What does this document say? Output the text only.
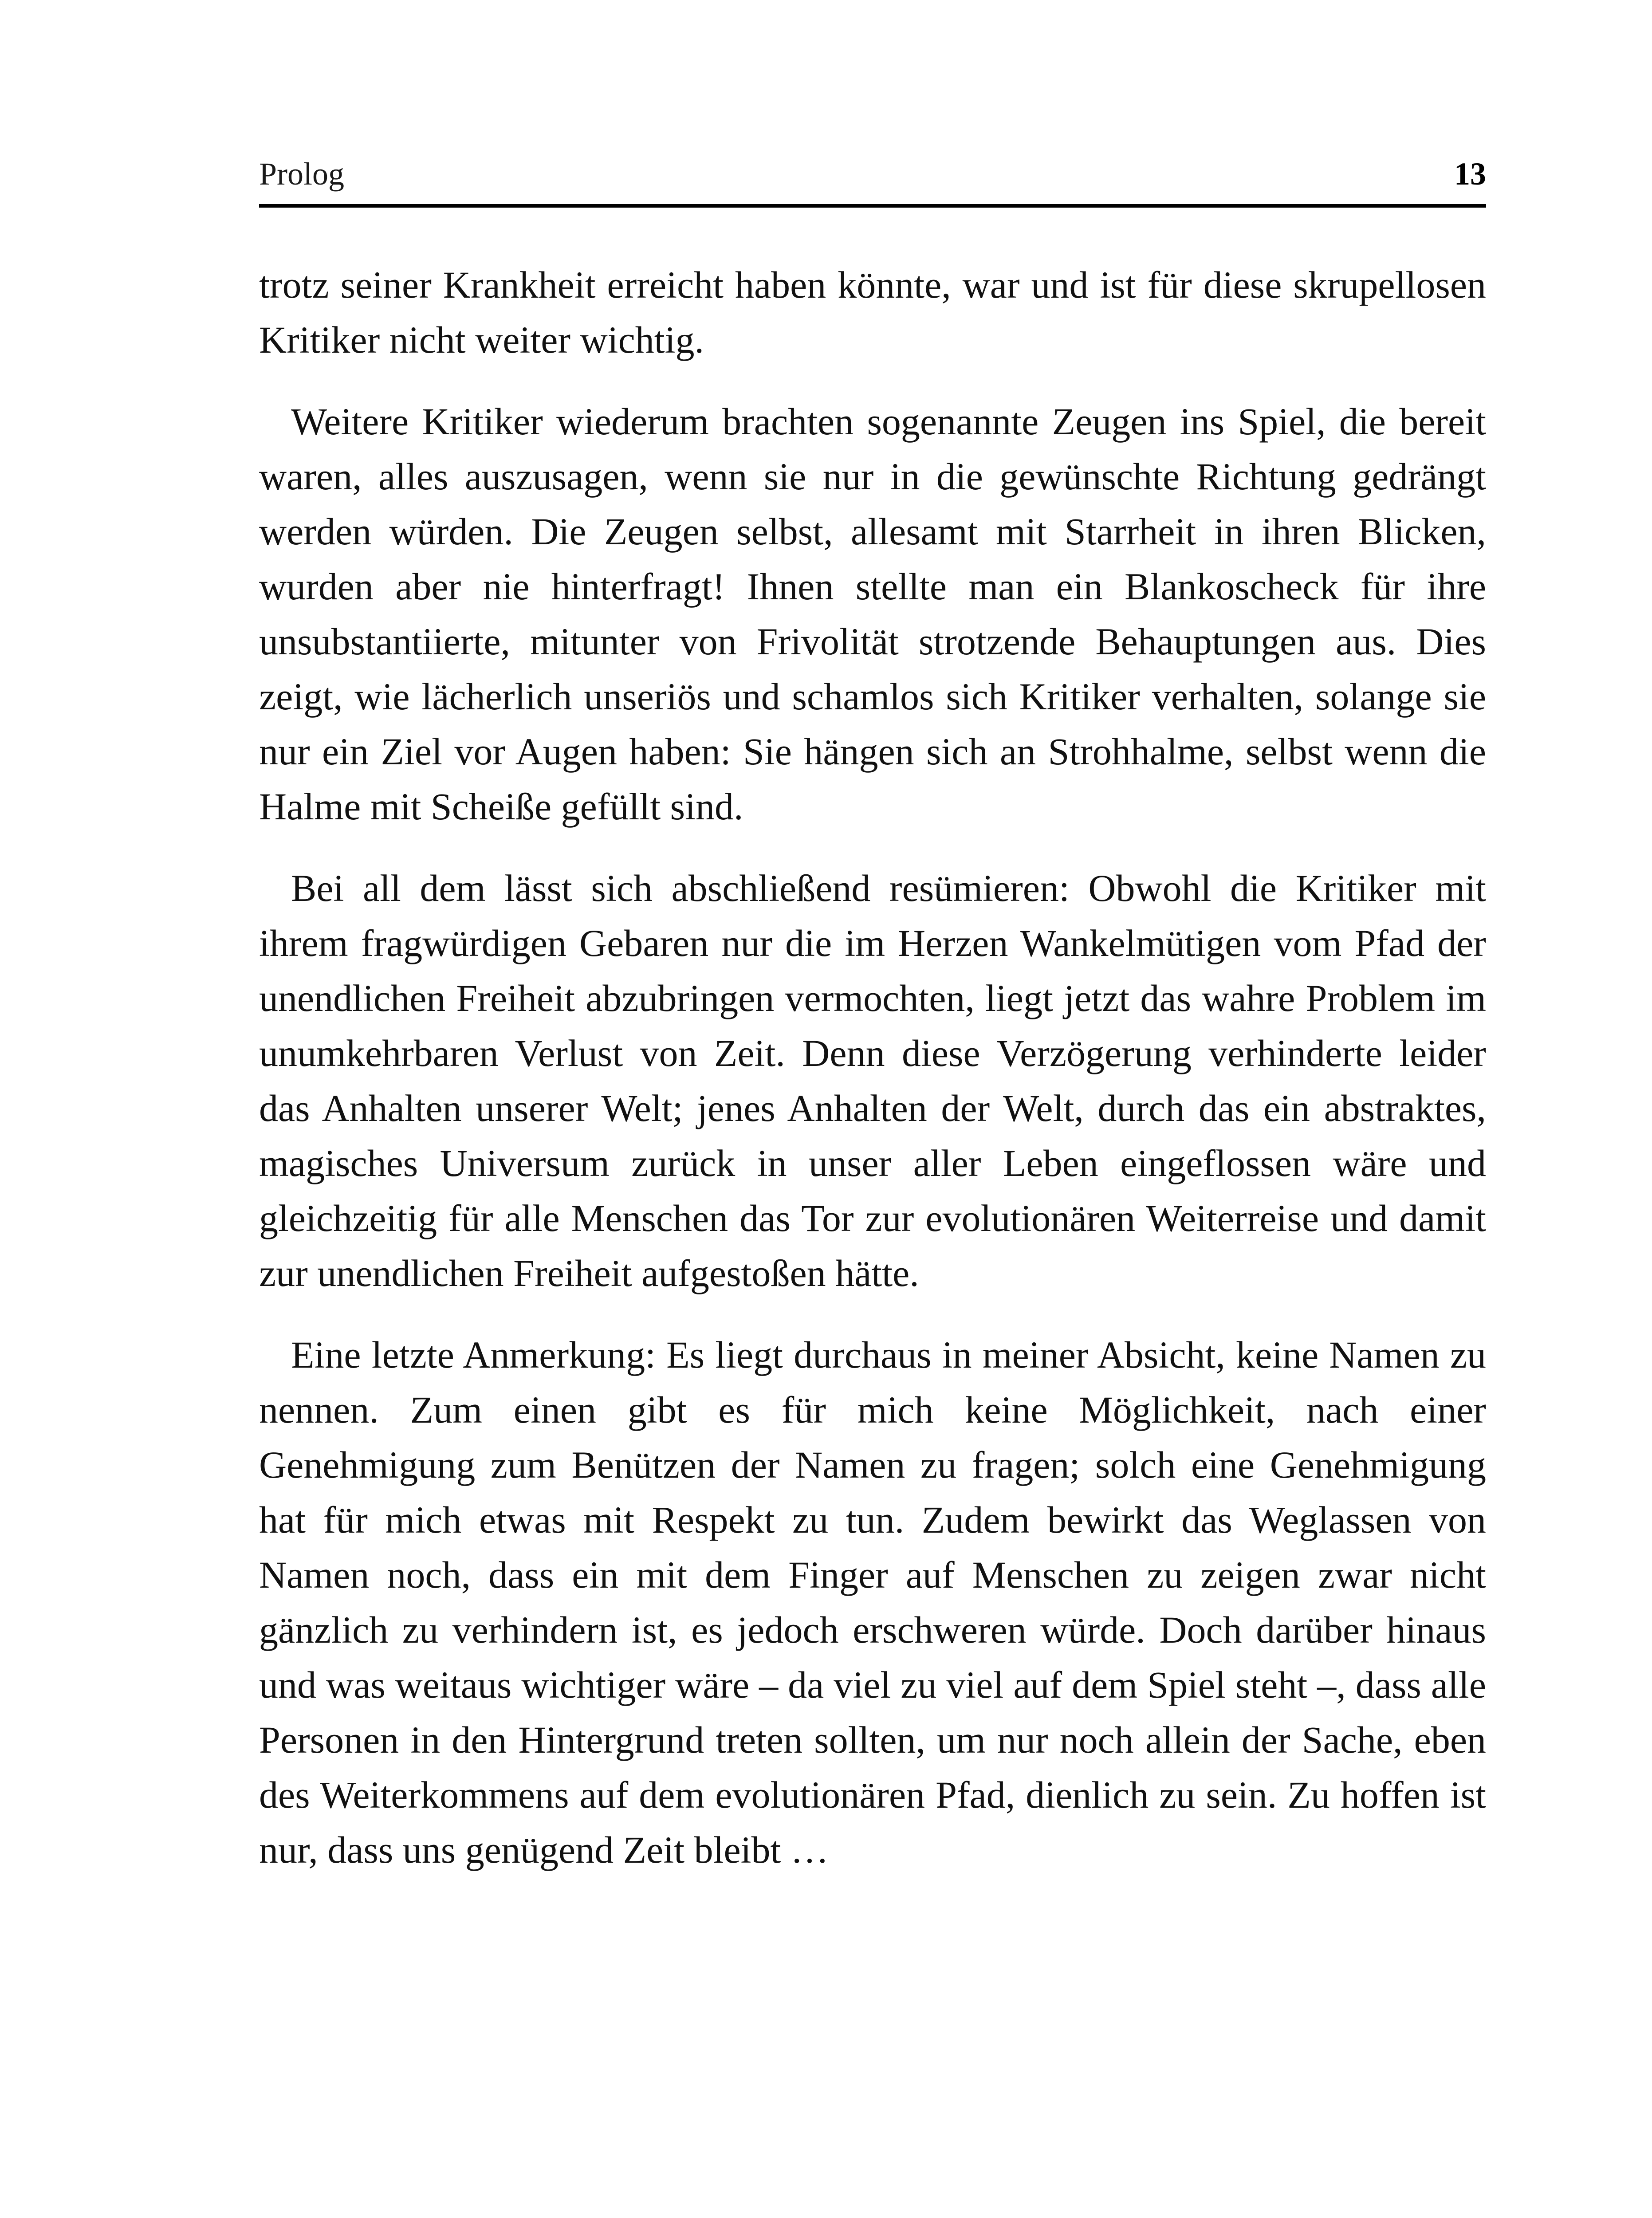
Prolog	13

trotz seiner Krankheit erreicht haben könnte, war und ist für diese skrupellosen Kritiker nicht weiter wichtig.

Weitere Kritiker wiederum brachten sogenannte Zeugen ins Spiel, die bereit waren, alles auszusagen, wenn sie nur in die gewünschte Richtung gedrängt werden würden. Die Zeugen selbst, allesamt mit Starrheit in ihren Blicken, wurden aber nie hinterfragt! Ihnen stellte man ein Blankoscheck für ihre unsubstantiierte, mitunter von Frivolität strotzende Behauptungen aus. Dies zeigt, wie lächerlich unseriös und schamlos sich Kritiker verhalten, solange sie nur ein Ziel vor Augen haben: Sie hängen sich an Strohhalme, selbst wenn die Halme mit Scheiße gefüllt sind.

Bei all dem lässt sich abschließend resümieren: Obwohl die Kritiker mit ihrem fragwürdigen Gebaren nur die im Herzen Wankelmütigen vom Pfad der unendlichen Freiheit abzubringen vermochten, liegt jetzt das wahre Problem im unumkehrbaren Verlust von Zeit. Denn diese Verzögerung verhinderte leider das Anhalten unserer Welt; jenes Anhalten der Welt, durch das ein abstraktes, magisches Universum zurück in unser aller Leben eingeflossen wäre und gleichzeitig für alle Menschen das Tor zur evolutionären Weiterreise und damit zur unendlichen Freiheit aufgestoßen hätte.

Eine letzte Anmerkung: Es liegt durchaus in meiner Absicht, keine Namen zu nennen. Zum einen gibt es für mich keine Möglichkeit, nach einer Genehmigung zum Benützen der Namen zu fragen; solch eine Genehmigung hat für mich etwas mit Respekt zu tun. Zudem bewirkt das Weglassen von Namen noch, dass ein mit dem Finger auf Menschen zu zeigen zwar nicht gänzlich zu verhindern ist, es jedoch erschweren würde. Doch darüber hinaus und was weitaus wichtiger wäre – da viel zu viel auf dem Spiel steht –, dass alle Personen in den Hintergrund treten sollten, um nur noch allein der Sache, eben des Weiterkommens auf dem evolutionären Pfad, dienlich zu sein. Zu hoffen ist nur, dass uns genügend Zeit bleibt …
